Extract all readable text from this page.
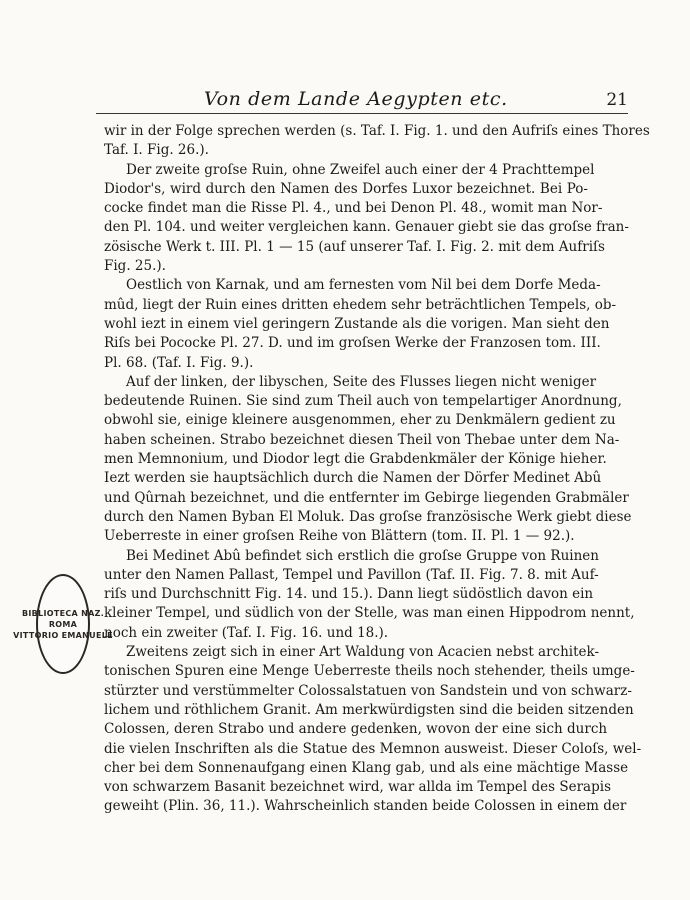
Von dem Lande Aegypten etc.	21
BIBLIOTECA NAZ.
ROMA
VITTORIO EMANUELE
wir in der Folge sprechen werden (s. Taf. I. Fig. 1. und den Aufriſs eines Thores
Taf. I. Fig. 26.).
Der zweite groſse Ruin, ohne Zweifel auch einer der 4 Prachttempel
Diodor's, wird durch den Namen des Dorfes Luxor bezeichnet. Bei Po-
cocke findet man die Risse Pl. 4., und bei Denon Pl. 48., womit man Nor-
den Pl. 104. und weiter vergleichen kann. Genauer giebt sie das groſse fran-
zösische Werk t. III. Pl. 1 — 15 (auf unserer Taf. I. Fig. 2. mit dem Aufriſs
Fig. 25.).
Oestlich von Karnak, und am fernesten vom Nil bei dem Dorfe Meda-
mûd, liegt der Ruin eines dritten ehedem sehr beträchtlichen Tempels, ob-
wohl iezt in einem viel geringern Zustande als die vorigen. Man sieht den
Riſs bei Pococke Pl. 27. D. und im groſsen Werke der Franzosen tom. III.
Pl. 68. (Taf. I. Fig. 9.).
Auf der linken, der libyschen, Seite des Flusses liegen nicht weniger
bedeutende Ruinen. Sie sind zum Theil auch von tempelartiger Anordnung,
obwohl sie, einige kleinere ausgenommen, eher zu Denkmälern gedient zu
haben scheinen. Strabo bezeichnet diesen Theil von Thebae unter dem Na-
men Memnonium, und Diodor legt die Grabdenkmäler der Könige hieher.
Iezt werden sie hauptsächlich durch die Namen der Dörfer Medinet Abû
und Qûrnah bezeichnet, und die entfernter im Gebirge liegenden Grabmäler
durch den Namen Byban El Moluk. Das groſse französische Werk giebt diese
Ueberreste in einer groſsen Reihe von Blättern (tom. II. Pl. 1 — 92.).
Bei Medinet Abû befindet sich erstlich die groſse Gruppe von Ruinen
unter den Namen Pallast, Tempel und Pavillon (Taf. II. Fig. 7. 8. mit Auf-
riſs und Durchschnitt Fig. 14. und 15.). Dann liegt südöstlich davon ein
kleiner Tempel, und südlich von der Stelle, was man einen Hippodrom nennt,
noch ein zweiter (Taf. I. Fig. 16. und 18.).
Zweitens zeigt sich in einer Art Waldung von Acacien nebst architek-
tonischen Spuren eine Menge Ueberreste theils noch stehender, theils umge-
stürzter und verstümmelter Colossalstatuen von Sandstein und von schwarz-
lichem und röthlichem Granit. Am merkwürdigsten sind die beiden sitzenden
Colossen, deren Strabo und andere gedenken, wovon der eine sich durch
die vielen Inschriften als die Statue des Memnon ausweist. Dieser Coloſs, wel-
cher bei dem Sonnenaufgang einen Klang gab, und als eine mächtige Masse
von schwarzem Basanit bezeichnet wird, war allda im Tempel des Serapis
geweiht (Plin. 36, 11.). Wahrscheinlich standen beide Colossen in einem der
